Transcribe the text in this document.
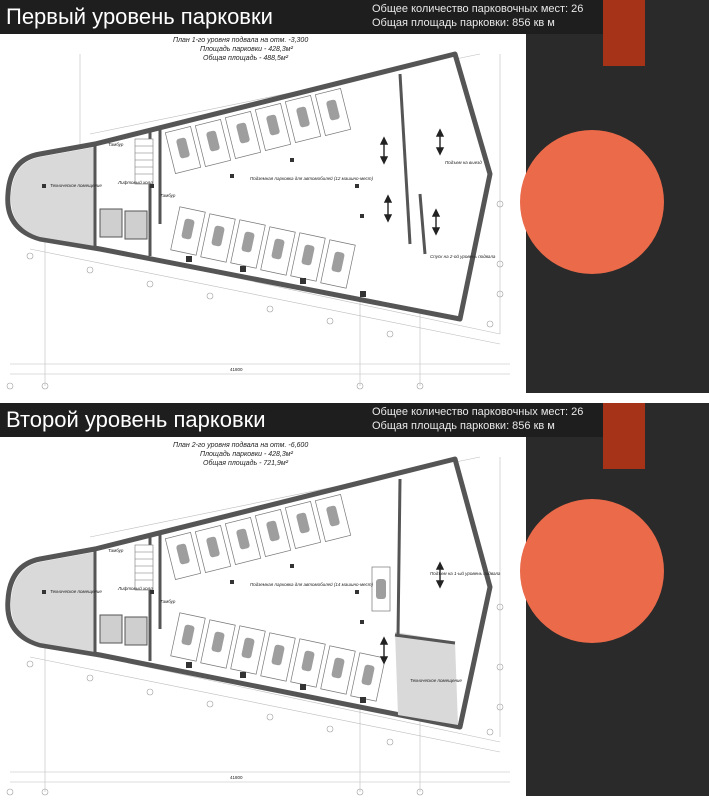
Первый уровень парковки	Общее количество парковочных мест: 26
Общая площадь парковки: 856 кв м
План 1-го уровня подвала на отм. -3,300
Площадь парковки - 428,3м²
Общая площадь - 488,5м²
Техническое помещение
Лифтовый холл
Тамбур
Тамбур
Подземная парковка для автомобилей (12 машино-мест)
Подъем на выезд
Спуск на 2-ой уровень подвала
41800
Второй уровень парковки	Общее количество парковочных мест: 26
Общая площадь парковки: 856 кв м
План 2-го уровня подвала на отм. -6,600
Площадь парковки - 428,3м²
Общая площадь - 721,9м²
Техническое помещение
Лифтовый холл
Тамбур
Тамбур
Подземная парковка для автомобилей (14 машино-мест)
Подъем на 1-ый уровень подвала
Техническое помещение
41800
